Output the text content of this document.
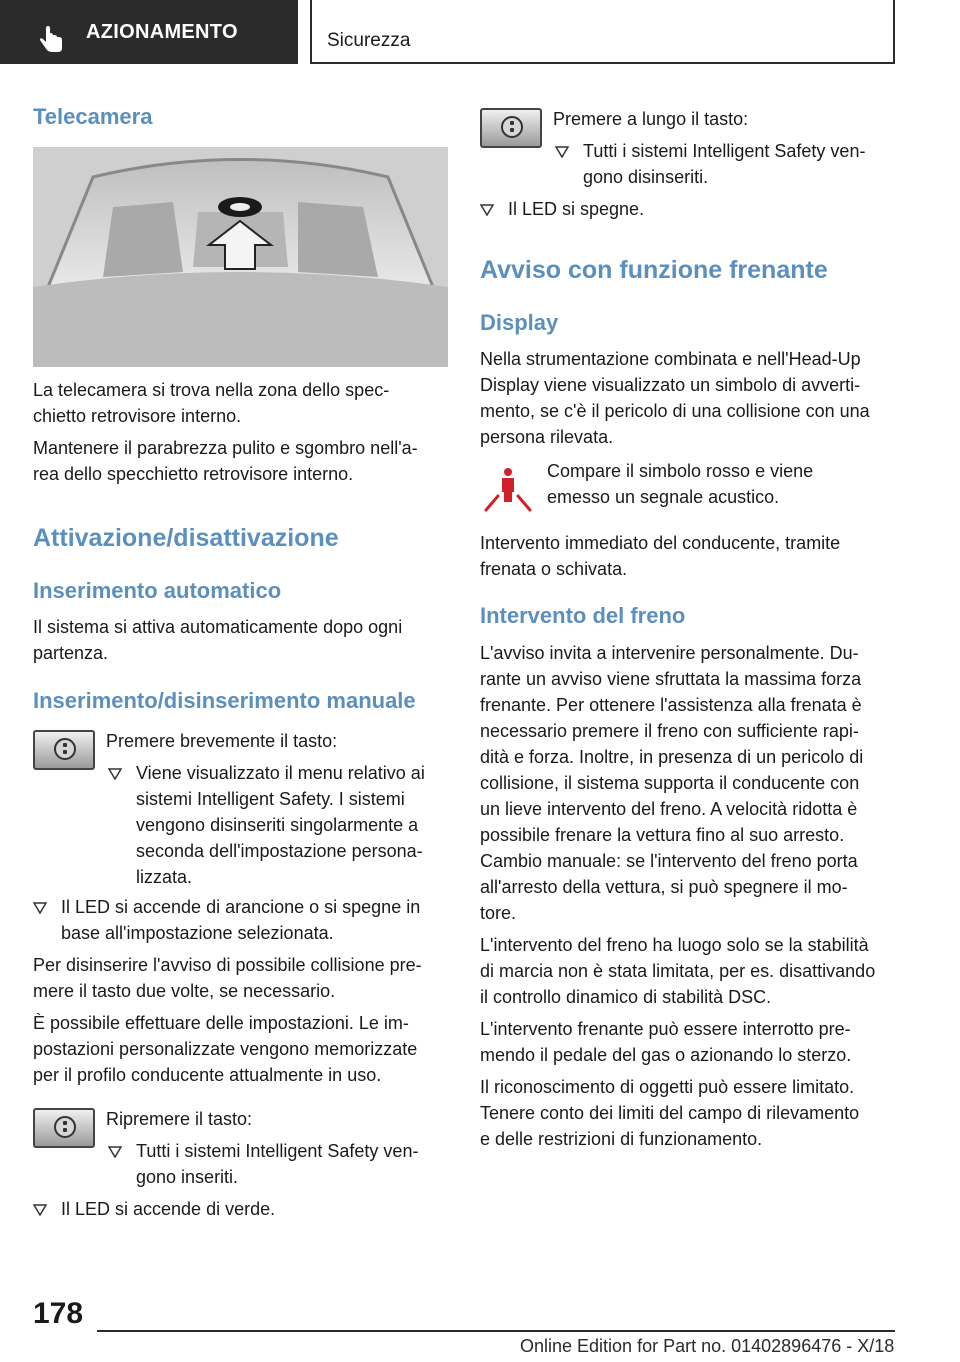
AZIONAMENTO	Sicurezza
Telecamera

La telecamera si trova nella zona dello spec-

chietto retrovisore interno.

Mantenere il parabrezza pulito e sgombro nell'a-

rea dello specchietto retrovisore interno.

Attivazione/disattivazione
Inserimento automatico

Il sistema si attiva automaticamente dopo ogni

partenza.

Inserimento/disinserimento manuale

Premere brevemente il tasto:

Viene visualizzato il menu relativo ai
sistemi Intelligent Safety. I sistemi
vengono disinseriti singolarmente a
seconda dell'impostazione persona-
lizzata.
Il LED si accende di arancione o si spegne in
base all'impostazione selezionata.

Per disinserire l'avviso di possibile collisione pre-

mere il tasto due volte, se necessario.

È possibile effettuare delle impostazioni. Le im-

postazioni personalizzate vengono memorizzate

per il profilo conducente attualmente in uso.

Ripremere il tasto:

Tutti i sistemi Intelligent Safety ven-
gono inseriti.
Il LED si accende di verde.

Premere a lungo il tasto:

Tutti i sistemi Intelligent Safety ven-
gono disinseriti.
Il LED si spegne.
Avviso con funzione frenante
Display

Nella strumentazione combinata e nell'Head-Up

Display viene visualizzato un simbolo di avverti-

mento, se c'è il pericolo di una collisione con una

persona rilevata.

Compare il simbolo rosso e viene

emesso un segnale acustico.

Intervento immediato del conducente, tramite

frenata o schivata.

Intervento del freno

L'avviso invita a intervenire personalmente. Du-

rante un avviso viene sfruttata la massima forza

frenante. Per ottenere l'assistenza alla frenata è

necessario premere il freno con sufficiente rapi-

dità e forza. Inoltre, in presenza di un pericolo di

collisione, il sistema supporta il conducente con

un lieve intervento del freno. A velocità ridotta è

possibile frenare la vettura fino al suo arresto.

Cambio manuale: se l'intervento del freno porta

all'arresto della vettura, si può spegnere il mo-

tore.

L'intervento del freno ha luogo solo se la stabilità

di marcia non è stata limitata, per es. disattivando

il controllo dinamico di stabilità DSC.

L'intervento frenante può essere interrotto pre-

mendo il pedale del gas o azionando lo sterzo.

Il riconoscimento di oggetti può essere limitato.

Tenere conto dei limiti del campo di rilevamento

e delle restrizioni di funzionamento.

178
Online Edition for Part no. 01402896476 - X/18
